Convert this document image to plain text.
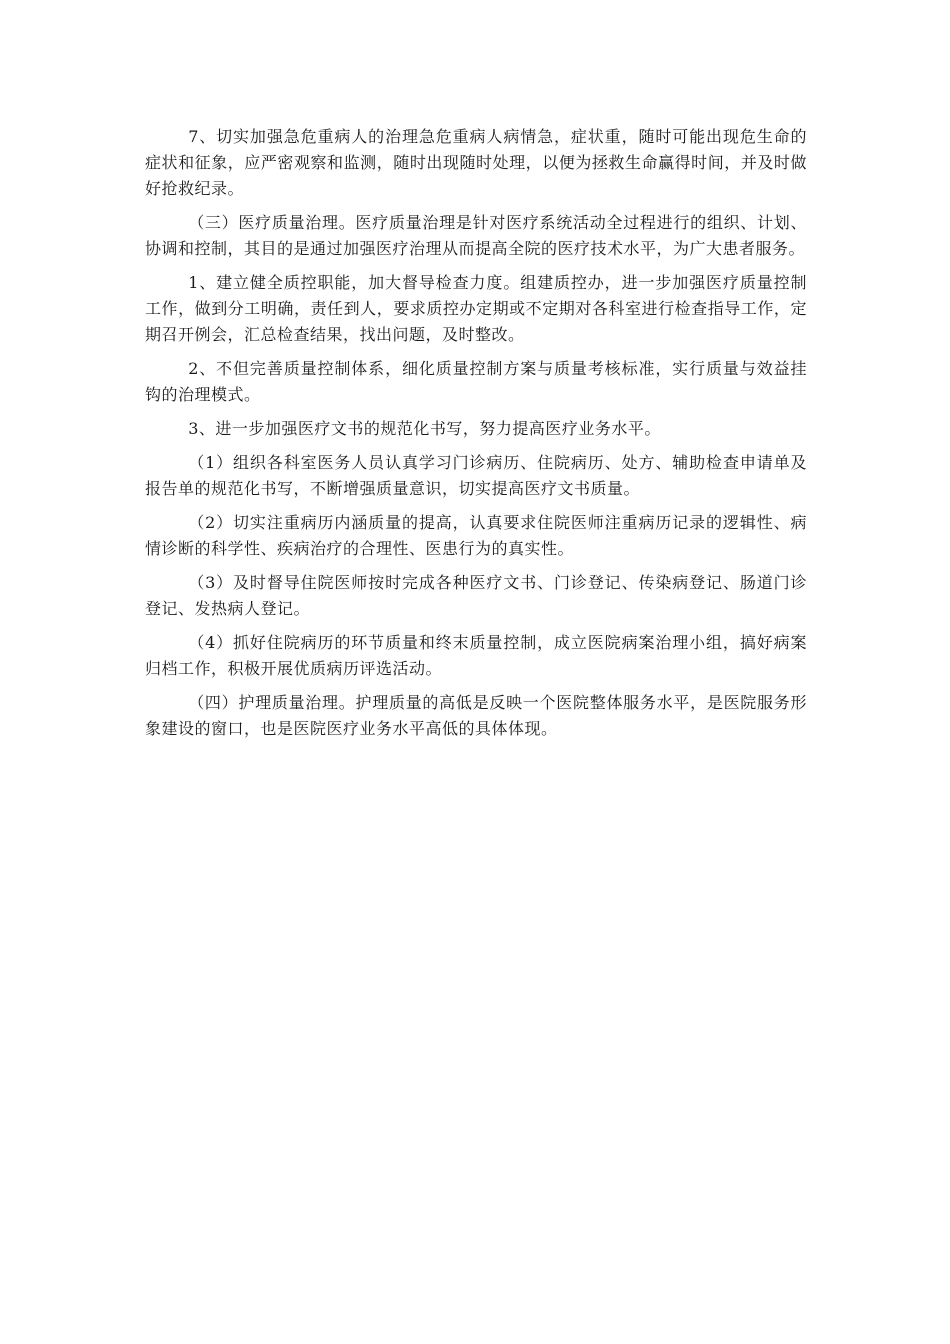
7、切实加强急危重病人的治理急危重病人病情急，症状重，随时可能出现危生命的症状和征象，应严密观察和监测，随时出现随时处理，以便为拯救生命赢得时间，并及时做好抢救纪录。

（三）医疗质量治理。医疗质量治理是针对医疗系统活动全过程进行的组织、计划、协调和控制，其目的是通过加强医疗治理从而提高全院的医疗技术水平，为广大患者服务。

1、建立健全质控职能，加大督导检查力度。组建质控办，进一步加强医疗质量控制工作，做到分工明确，责任到人，要求质控办定期或不定期对各科室进行检查指导工作，定期召开例会，汇总检查结果，找出问题，及时整改。

2、不但完善质量控制体系，细化质量控制方案与质量考核标准，实行质量与效益挂钩的治理模式。

3、进一步加强医疗文书的规范化书写，努力提高医疗业务水平。

（1）组织各科室医务人员认真学习门诊病历、住院病历、处方、辅助检查申请单及报告单的规范化书写，不断增强质量意识，切实提高医疗文书质量。

（2）切实注重病历内涵质量的提高，认真要求住院医师注重病历记录的逻辑性、病情诊断的科学性、疾病治疗的合理性、医患行为的真实性。

（3）及时督导住院医师按时完成各种医疗文书、门诊登记、传染病登记、肠道门诊登记、发热病人登记。

（4）抓好住院病历的环节质量和终末质量控制，成立医院病案治理小组，搞好病案归档工作，积极开展优质病历评选活动。

（四）护理质量治理。护理质量的高低是反映一个医院整体服务水平，是医院服务形象建设的窗口，也是医院医疗业务水平高低的具体体现。
